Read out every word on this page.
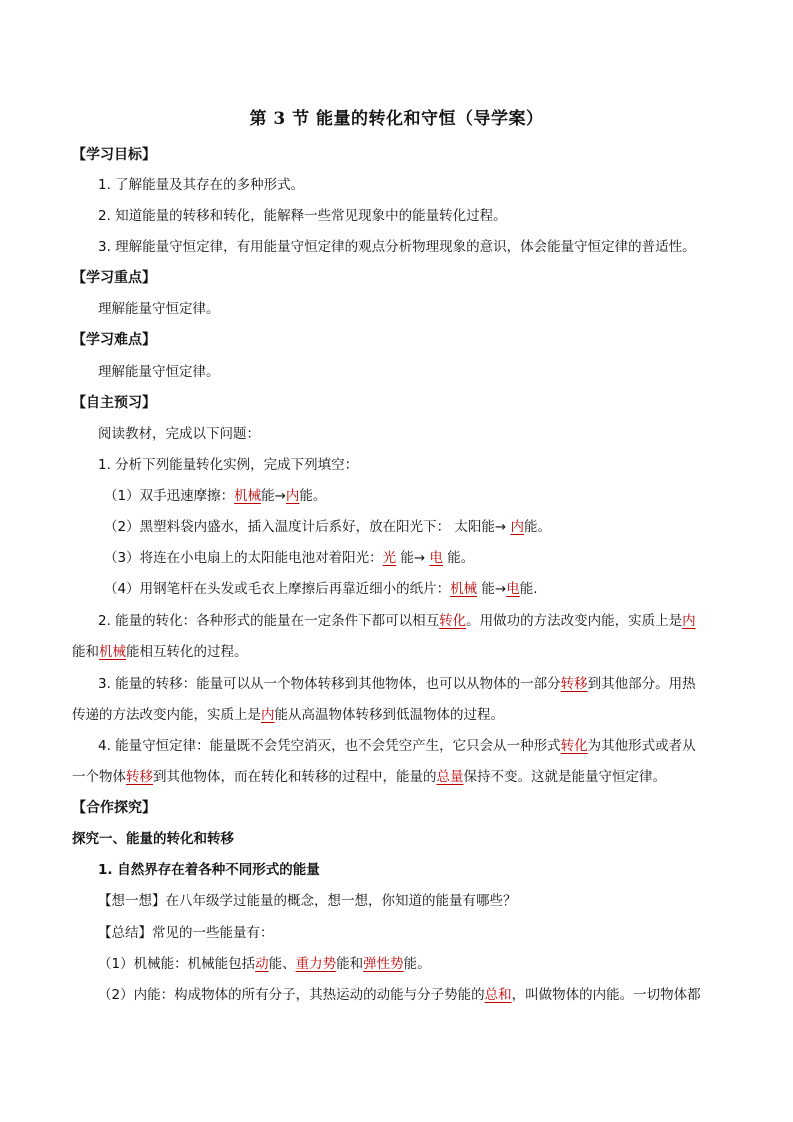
第 3 节 能量的转化和守恒（导学案）
【学习目标】
1. 了解能量及其存在的多种形式。
2. 知道能量的转移和转化，能解释一些常见现象中的能量转化过程。
3. 理解能量守恒定律，有用能量守恒定律的观点分析物理现象的意识，体会能量守恒定律的普适性。
【学习重点】
理解能量守恒定律。
【学习难点】
理解能量守恒定律。
【自主预习】
阅读教材，完成以下问题：
1. 分析下列能量转化实例，完成下列填空：
（1）双手迅速摩擦：机械能→内能。
（2）黑塑料袋内盛水，插入温度计后系好，放在阳光下： 太阳能→ 内能。
（3）将连在小电扇上的太阳能电池对着阳光：光 能→ 电 能。
（4）用钢笔杆在头发或毛衣上摩擦后再靠近细小的纸片：机械 能→电能.
2. 能量的转化：各种形式的能量在一定条件下都可以相互转化。用做功的方法改变内能，实质上是内
能和机械能相互转化的过程。
3. 能量的转移：能量可以从一个物体转移到其他物体，也可以从物体的一部分转移到其他部分。用热
传递的方法改变内能，实质上是内能从高温物体转移到低温物体的过程。
4. 能量守恒定律：能量既不会凭空消灭，也不会凭空产生，它只会从一种形式转化为其他形式或者从
一个物体转移到其他物体，而在转化和转移的过程中，能量的总量保持不变。这就是能量守恒定律。
【合作探究】
探究一、能量的转化和转移
1. 自然界存在着各种不同形式的能量
【想一想】在八年级学过能量的概念，想一想，你知道的能量有哪些？
【总结】常见的一些能量有：
（1）机械能：机械能包括动能、重力势能和弹性势能。
（2）内能：构成物体的所有分子，其热运动的动能与分子势能的总和，叫做物体的内能。一切物体都
